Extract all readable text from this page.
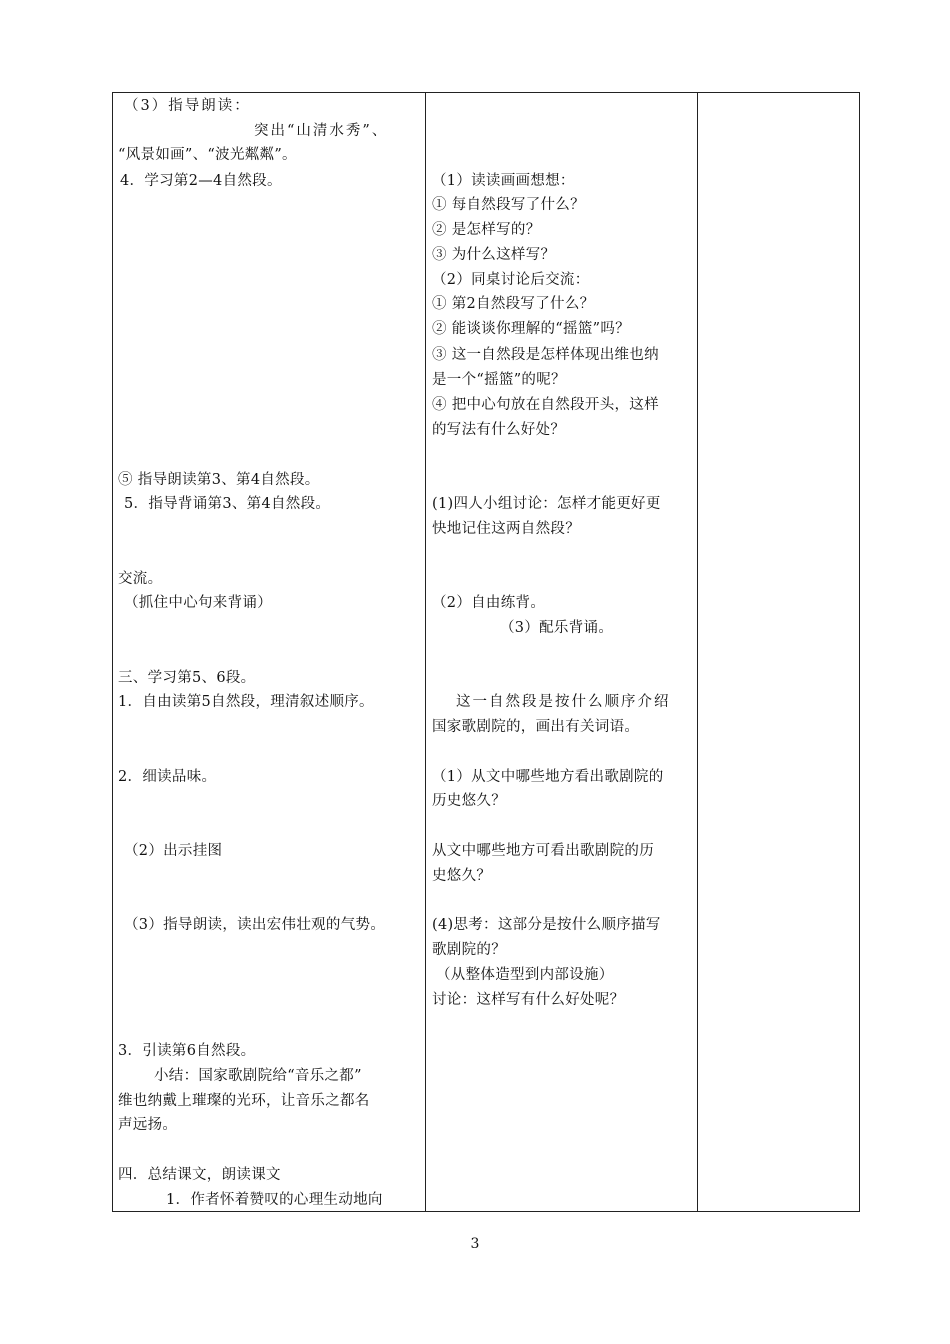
（3）指导朗读：
突出“山清水秀”、
“风景如画”、“波光粼粼”。
4．学习第2—4自然段。
⑤ 指导朗读第3、第4自然段。
5．指导背诵第3、第4自然段。
交流。
（抓住中心句来背诵）
三、学习第5、6段。
1．自由读第5自然段，理清叙述顺序。
2．细读品味。
（2）出示挂图
（3）指导朗读，读出宏伟壮观的气势。
3．引读第6自然段。
小结：国家歌剧院给“音乐之都”
维也纳戴上璀璨的光环，让音乐之都名
声远扬。
四．总结课文，朗读课文
1．作者怀着赞叹的心理生动地向
（1）读读画画想想：
① 每自然段写了什么？
② 是怎样写的？
③ 为什么这样写？
（2）同桌讨论后交流：
① 第2自然段写了什么？
② 能谈谈你理解的“摇篮”吗？
③ 这一自然段是怎样体现出维也纳
是一个“摇篮”的呢？
④ 把中心句放在自然段开头，这样
的写法有什么好处？
(1)四人小组讨论：怎样才能更好更
快地记住这两自然段？
（2）自由练背。
（3）配乐背诵。
这一自然段是按什么顺序介绍
国家歌剧院的，画出有关词语。
（1）从文中哪些地方看出歌剧院的
历史悠久？
从文中哪些地方可看出歌剧院的历
史悠久？
(4)思考：这部分是按什么顺序描写
歌剧院的？
（从整体造型到内部设施）
讨论：这样写有什么好处呢？
3
